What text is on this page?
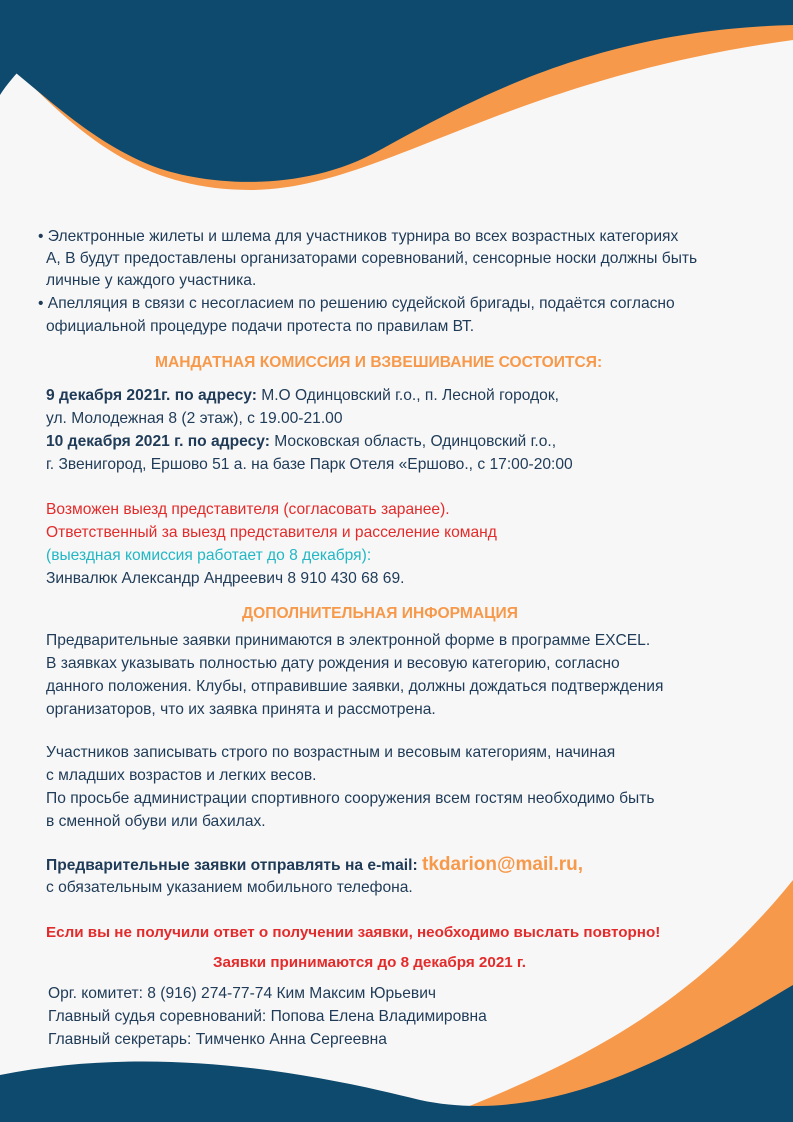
• Электронные жилеты и шлема для участников турнира во всех возрастных категориях
А, В будут предоставлены организаторами соревнований, сенсорные носки должны быть
личные у каждого участника.
• Апелляция в связи с несогласием по решению судейской бригады, подаётся согласно
официальной процедуре подачи протеста по правилам ВТ.
МАНДАТНАЯ КОМИССИЯ И ВЗВЕШИВАНИЕ СОСТОИТСЯ:
9 декабря 2021г. по адресу: М.О Одинцовский г.о., п. Лесной городок,
ул. Молодежная 8 (2 этаж), с 19.00-21.00
10 декабря 2021 г. по адресу: Московская область, Одинцовский г.о.,
г. Звенигород, Ершово 51 а. на базе Парк Отеля «Ершово., с 17:00-20:00
Возможен выезд представителя (согласовать заранее).
Ответственный за выезд представителя и расселение команд
(выездная комиссия работает до 8 декабря):
Зинвалюк Александр Андреевич 8 910 430 68 69.
ДОПОЛНИТЕЛЬНАЯ ИНФОРМАЦИЯ
Предварительные заявки принимаются в электронной форме в программе EXCEL.
В заявках указывать полностью дату рождения и весовую категорию, согласно
данного положения. Клубы, отправившие заявки, должны дождаться подтверждения
организаторов, что их заявка принята и рассмотрена.
Участников записывать строго по возрастным и весовым категориям, начиная
с младших возрастов и легких весов.
По просьбе администрации спортивного сооружения всем гостям необходимо быть
в сменной обуви или бахилах.
Предварительные заявки отправлять на e-mail: tkdarion@mail.ru,
с обязательным указанием мобильного телефона.
Если вы не получили ответ о получении заявки, необходимо выслать повторно!
Заявки принимаются до 8 декабря 2021 г.
Орг. комитет: 8 (916) 274-77-74 Ким Максим Юрьевич
Главный судья соревнований: Попова Елена Владимировна
Главный секретарь: Тимченко Анна Сергеевна
